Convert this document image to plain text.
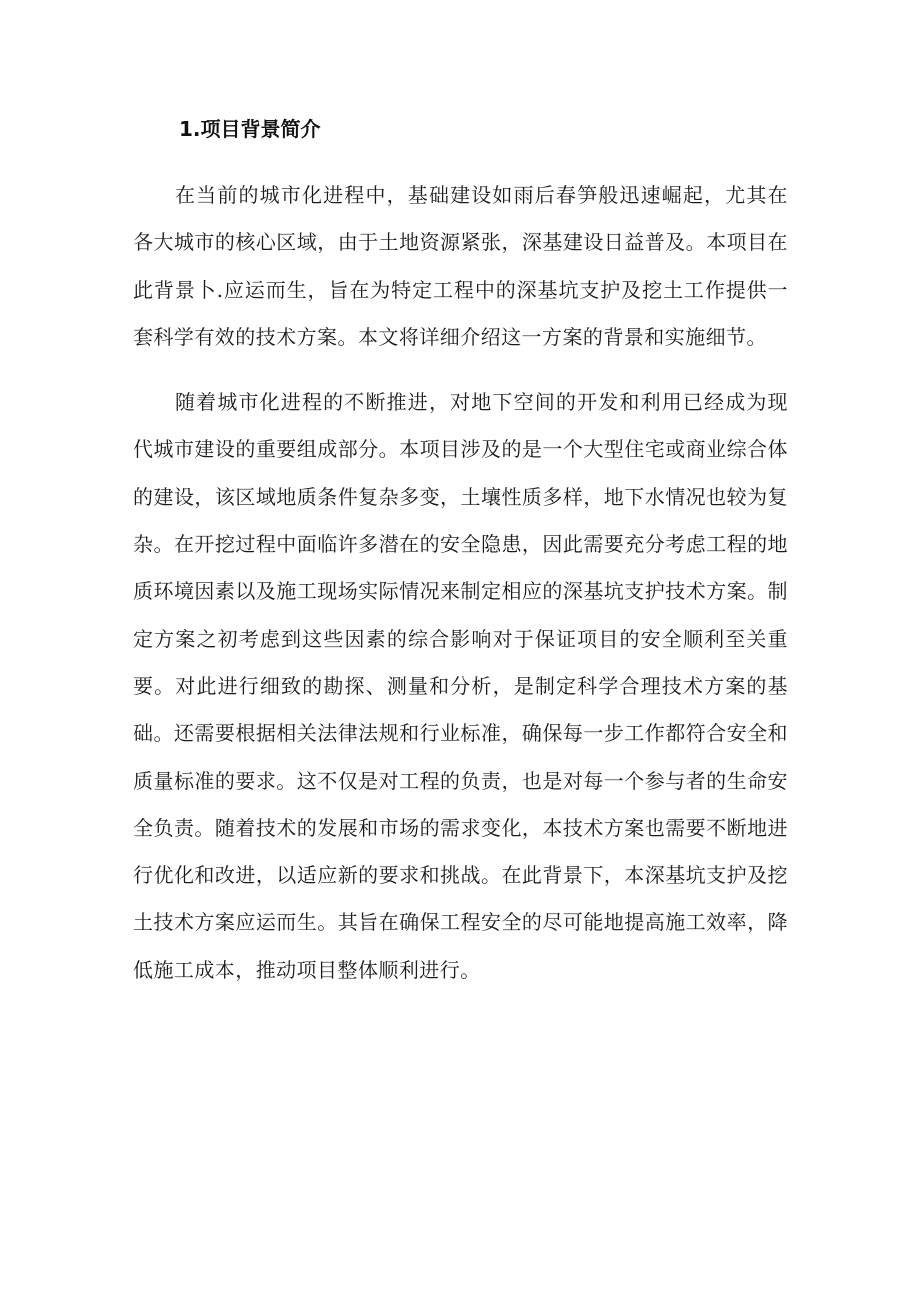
1.项目背景简介

在当前的城市化进程中，基础建设如雨后春笋般迅速崛起，尤其在各大城市的核心区域，由于土地资源紧张，深基建设日益普及。本项目在此背景卜.应运而生，旨在为特定工程中的深基坑支护及挖土工作提供一套科学有效的技术方案。本文将详细介绍这一方案的背景和实施细节。

随着城市化进程的不断推进，对地下空间的开发和利用已经成为现代城市建设的重要组成部分。本项目涉及的是一个大型住宅或商业综合体的建设，该区域地质条件复杂多变，土壤性质多样，地下水情况也较为复杂。在开挖过程中面临许多潜在的安全隐患，因此需要充分考虑工程的地质环境因素以及施工现场实际情况来制定相应的深基坑支护技术方案。制定方案之初考虑到这些因素的综合影响对于保证项目的安全顺利至关重要。对此进行细致的勘探、测量和分析，是制定科学合理技术方案的基础。还需要根据相关法律法规和行业标准，确保每一步工作都符合安全和质量标准的要求。这不仅是对工程的负责，也是对每一个参与者的生命安全负责。随着技术的发展和市场的需求变化，本技术方案也需要不断地进行优化和改进，以适应新的要求和挑战。在此背景下，本深基坑支护及挖土技术方案应运而生。其旨在确保工程安全的尽可能地提高施工效率，降低施工成本，推动项目整体顺利进行。
